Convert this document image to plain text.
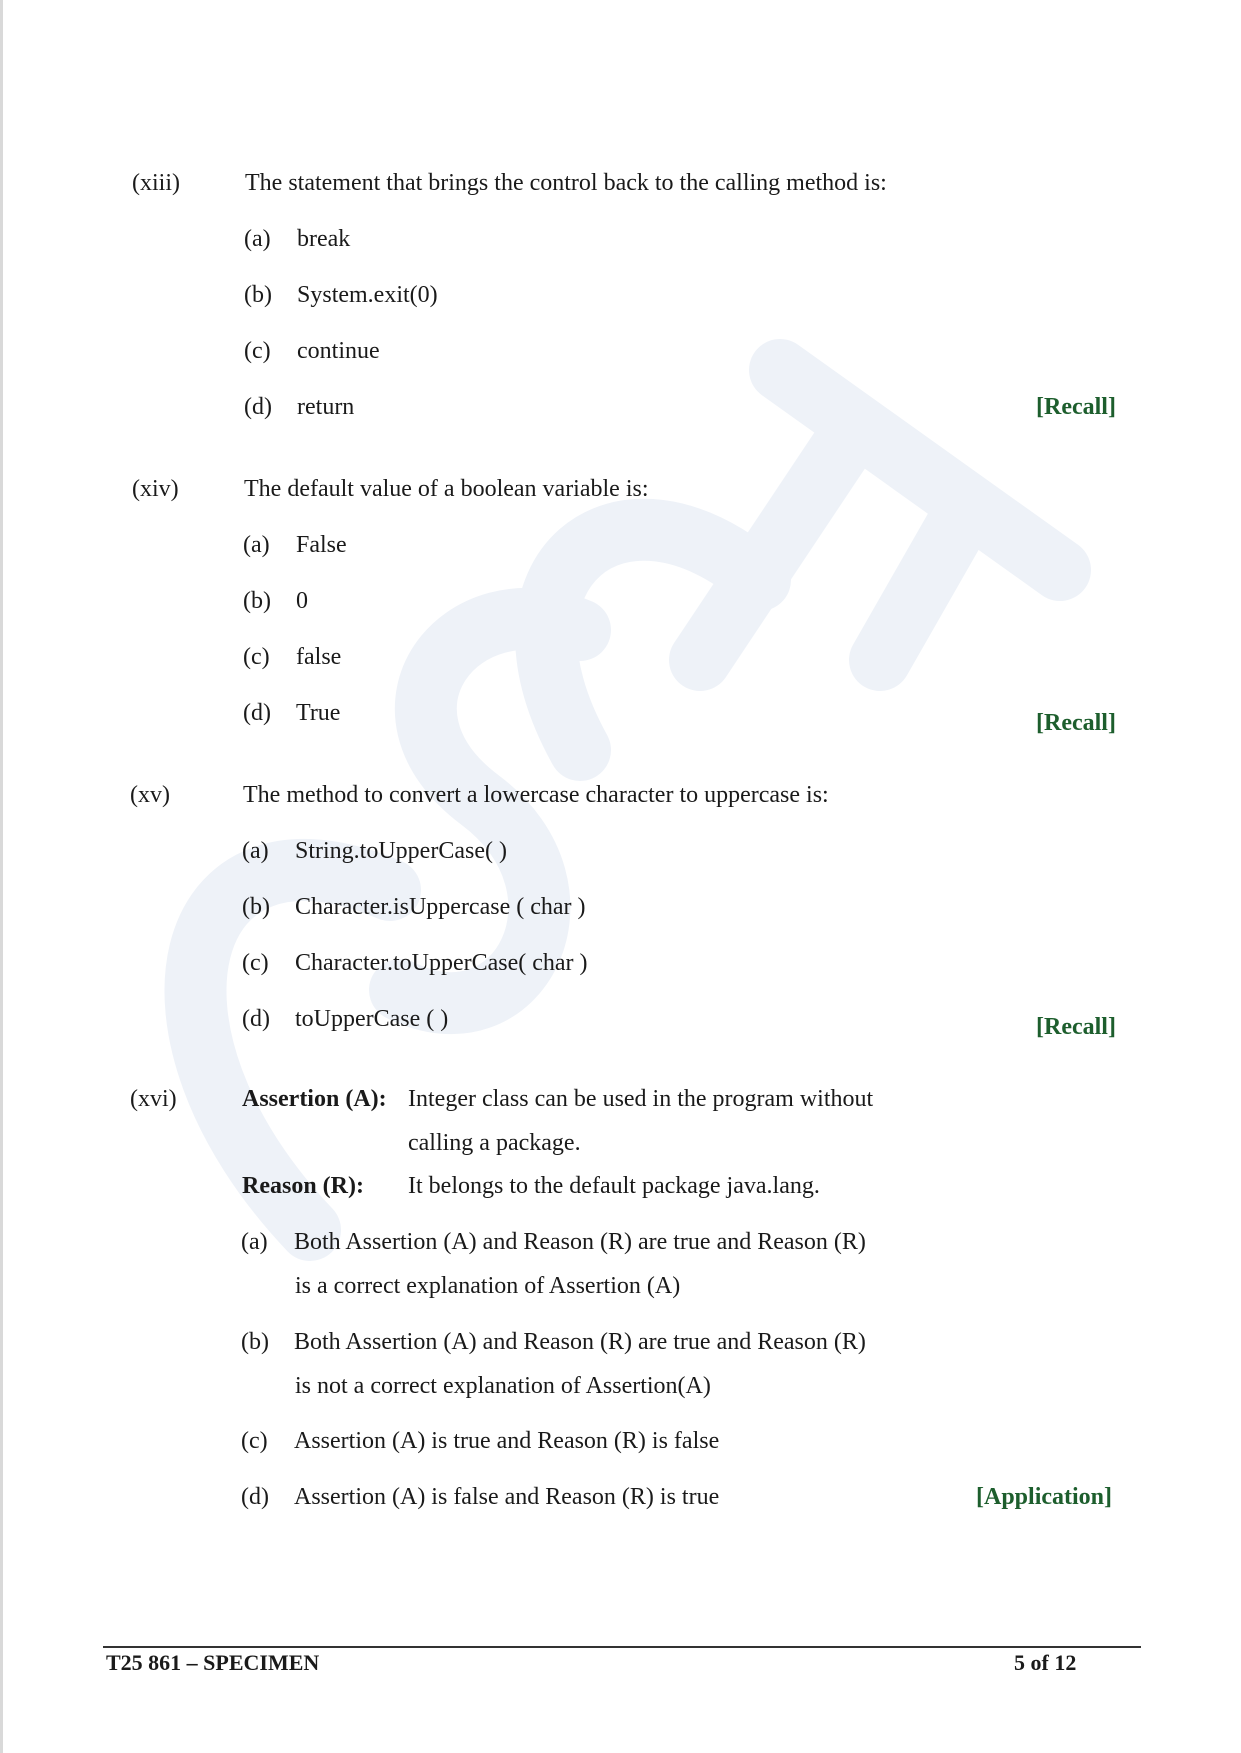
(xiii)	The statement that brings the control back to the calling method is:
(a) break
(b) System.exit(0)
(c) continue
(d) return	[Recall]
(xiv)	The default value of a boolean variable is:
(a) False
(b) 0
(c) false
(d) True	[Recall]
(xv)	The method to convert a lowercase character to uppercase is:
(a) String.toUpperCase( )
(b) Character.isUppercase ( char )
(c) Character.toUpperCase( char )
(d) toUpperCase ( )	[Recall]
(xvi)	Assertion (A): Integer class can be used in the program without
calling a package.
Reason (R): It belongs to the default package java.lang.
(a) Both Assertion (A) and Reason (R) are true and Reason (R)
is a correct explanation of Assertion (A)
(b) Both Assertion (A) and Reason (R) are true and Reason (R)
is not a correct explanation of Assertion(A)
(c) Assertion (A) is true and Reason (R) is false
(d) Assertion (A) is false and Reason (R) is true	[Application]
T25 861 – SPECIMEN	5 of 12
